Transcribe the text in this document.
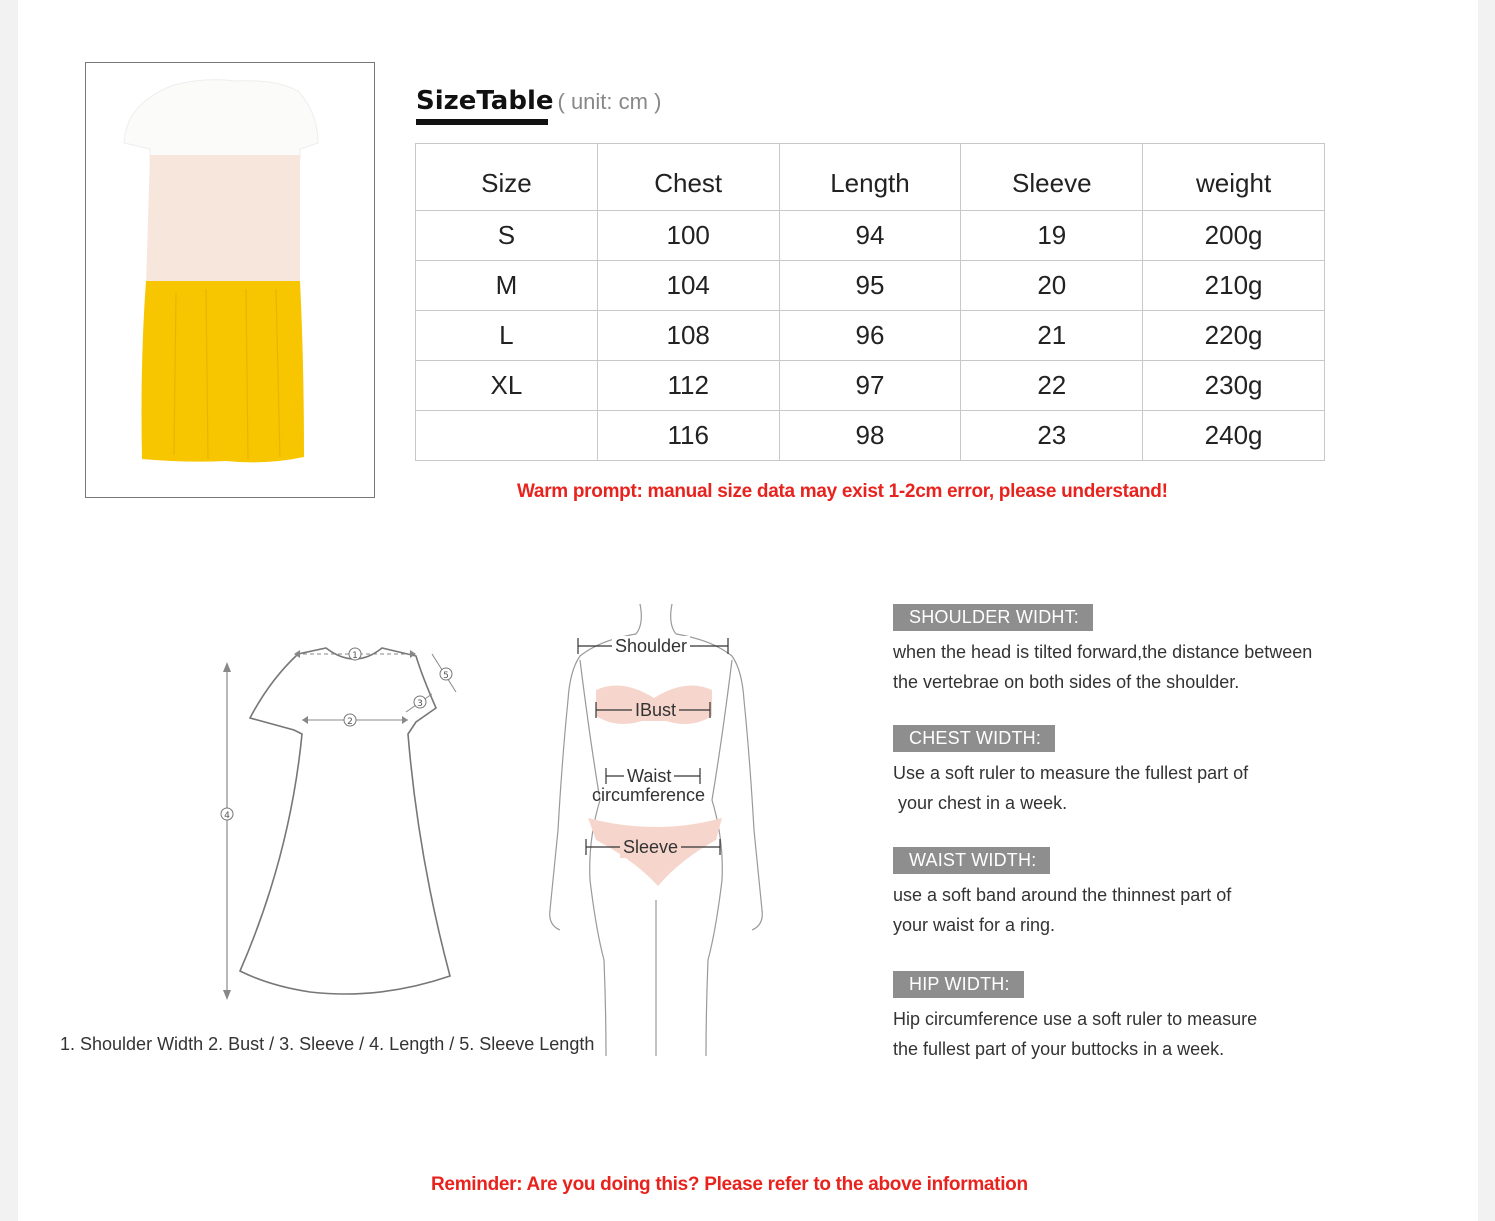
SizeTable ( unit: cm )
Size	Chest	Length	Sleeve	weight
S	100	94	19	200g
M	104	95	20	210g
L	108	96	21	220g
XL	112	97	22	230g
	116	98	23	240g
Warm prompt: manual size data may exist 1-2cm error, please understand!
1
2
3
4
5
1. Shoulder Width 2. Bust / 3. Sleeve / 4. Length / 5. Sleeve Length
Shoulder
IBust
Waist
circumference
Sleeve
SHOULDER WIDHT:
when the head is tilted forward,the distance between
the vertebrae on both sides of the shoulder.
CHEST WIDTH:
Use a soft ruler to measure the fullest part of
your chest in a week.
WAIST WIDTH:
use a soft band around the thinnest part of
your waist for a ring.
HIP WIDTH:
Hip circumference use a soft ruler to measure
the fullest part of your buttocks in a week.
Reminder: Are you doing this? Please refer to the above information
